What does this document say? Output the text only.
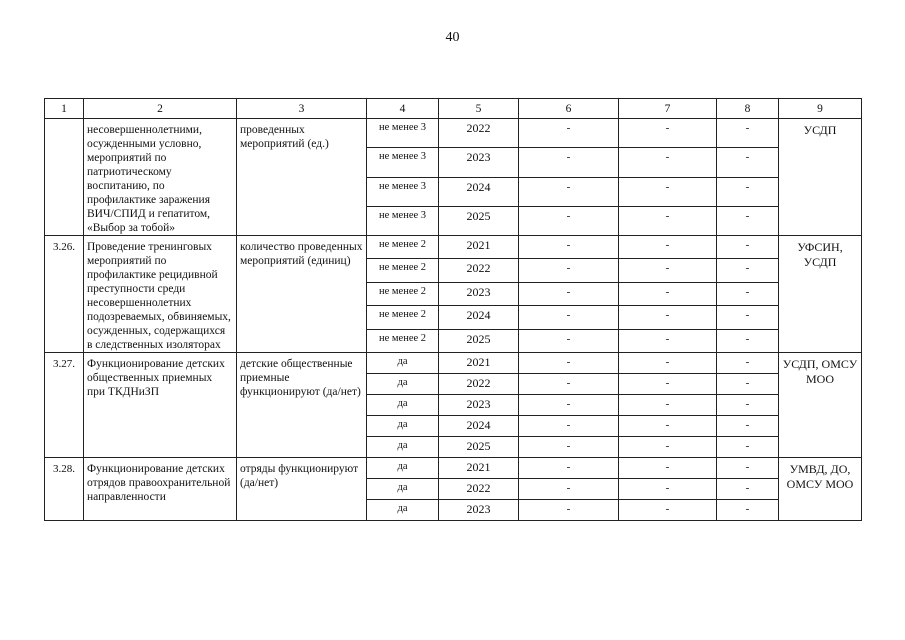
40
1	2	3	4	5	6	7	8	9
	несовершеннолетними, осужденными условно, мероприятий по патриотическому воспитанию, по профилактике заражения ВИЧ/СПИД и гепатитом, «Выбор за тобой»	проведенных мероприятий (ед.)	не менее 3	2022	-	-	-	УСДП
			не менее 3	2023	-	-	-	
			не менее 3	2024	-	-	-	
			не менее 3	2025	-	-	-	
3.26.	Проведение тренинговых мероприятий по профилактике рецидивной преступности среди несовершеннолетних подозреваемых, обвиняемых, осужденных, содержащихся в следственных изоляторах	количество проведенных мероприятий (единиц)	не менее 2	2021	-	-	-	УФСИН, УСДП
			не менее 2	2022	-	-	-	
			не менее 2	2023	-	-	-	
			не менее 2	2024	-	-	-	
			не менее 2	2025	-	-	-	
3.27.	Функционирование детских общественных приемных при ТКДНиЗП	детские общественные приемные функционируют (да/нет)	да	2021	-	-	-	УСДП, ОМСУ МОО
			да	2022	-	-	-	
			да	2023	-	-	-	
			да	2024	-	-	-	
			да	2025	-	-	-	
3.28.	Функционирование детских отрядов правоохранительной направленности	отряды функционируют (да/нет)	да	2021	-	-	-	УМВД, ДО, ОМСУ МОО
			да	2022	-	-	-	
			да	2023	-	-	-	
